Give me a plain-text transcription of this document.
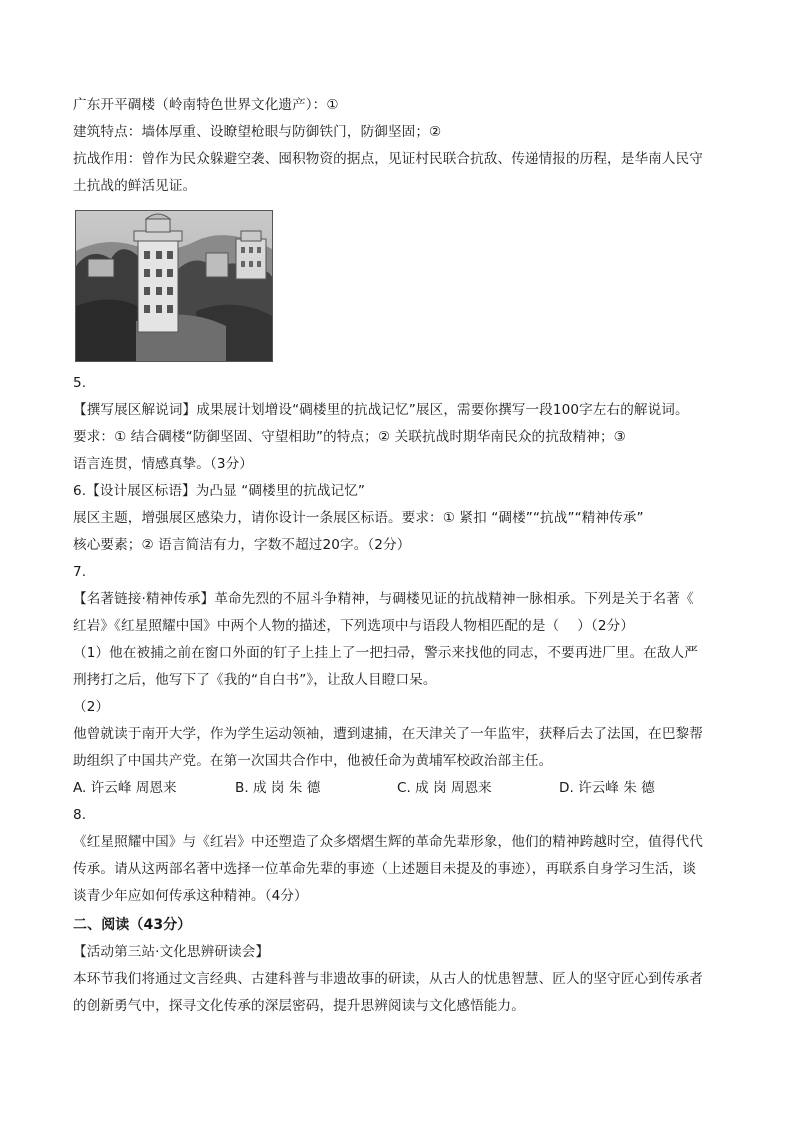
广东开平碉楼（岭南特色世界文化遗产）：①
建筑特点：墙体厚重、设瞭望枪眼与防御铁门，防御坚固；②
抗战作用：曾作为民众躲避空袭、囤积物资的据点，见证村民联合抗敌、传递情报的历程，是华南人民守
土抗战的鲜活见证。
5.
【撰写展区解说词】成果展计划增设“碉楼里的抗战记忆”展区，需要你撰写一段100字左右的解说词。
要求：① 结合碉楼“防御坚固、守望相助”的特点；② 关联抗战时期华南民众的抗敌精神；③
语言连贯，情感真挚。（3分）
6.【设计展区标语】为凸显 “碉楼里的抗战记忆”
展区主题，增强展区感染力，请你设计一条展区标语。要求：① 紧扣 “碉楼”“抗战”“精神传承”
核心要素；② 语言简洁有力，字数不超过20字。（2分）
7.
【名著链接·精神传承】革命先烈的不屈斗争精神，与碉楼见证的抗战精神一脉相承。下列是关于名著《
红岩》《红星照耀中国》中两个人物的描述，下列选项中与语段人物相匹配的是（　 ）（2分）
（1）他在被捕之前在窗口外面的钉子上挂上了一把扫帚，警示来找他的同志，不要再进厂里。在敌人严
刑拷打之后，他写下了《我的“自白书”》，让敌人目瞪口呆。
（2）
他曾就读于南开大学，作为学生运动领袖，遭到逮捕，在天津关了一年监牢，获释后去了法国，在巴黎帮
助组织了中国共产党。在第一次国共合作中，他被任命为黄埔军校政治部主任。
A. 许云峰 周恩来	B. 成 岗 朱 德	C. 成 岗 周恩来	D. 许云峰 朱 德
8.
《红星照耀中国》与《红岩》中还塑造了众多熠熠生辉的革命先辈形象，他们的精神跨越时空，值得代代
传承。请从这两部名著中选择一位革命先辈的事迹（上述题目未提及的事迹），再联系自身学习生活，谈
谈青少年应如何传承这种精神。（4分）
二、阅读（43分）
【活动第三站·文化思辨研读会】
本环节我们将通过文言经典、古建科普与非遗故事的研读，从古人的忧患智慧、匠人的坚守匠心到传承者
的创新勇气中，探寻文化传承的深层密码，提升思辨阅读与文化感悟能力。
